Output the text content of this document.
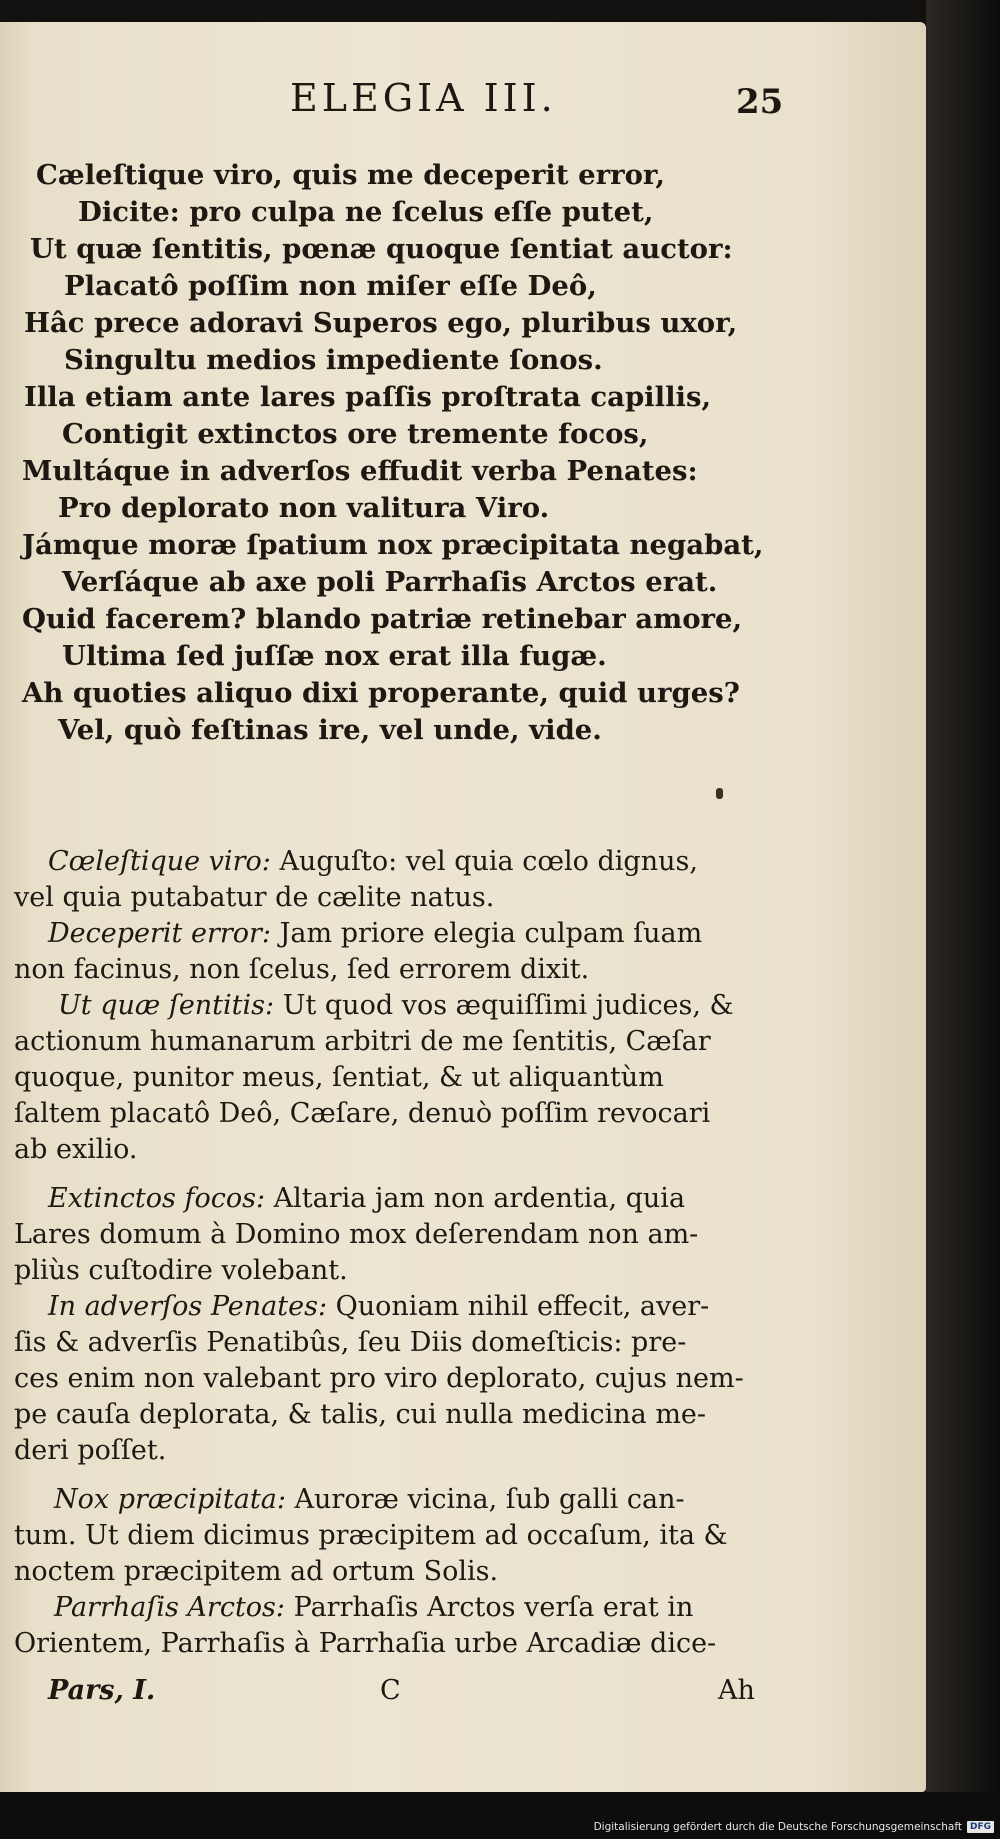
ELEGIA III.	25
Cæleſtique viro, quis me deceperit error,
Dicite: pro culpa ne ſcelus eſſe putet,
Ut quæ ſentitis, pœnæ quoque ſentiat auctor:
Placatô poſſim non miſer eſſe Deô,
Hâc prece adoravi Superos ego, pluribus uxor,
Singultu medios impediente ſonos.
Illa etiam ante lares paſſis proſtrata capillis,
Contigit extinctos ore tremente focos,
Multáque in adverſos effudit verba Penates:
Pro deplorato non valitura Viro.
Jámque moræ ſpatium nox præcipitata negabat,
Verſáque ab axe poli Parrhaſis Arctos erat.
Quid facerem? blando patriæ retinebar amore,
Ultima ſed juſſæ nox erat illa fugæ.
Ah quoties aliquo dixi properante, quid urges?
Vel, quò feſtinas ire, vel unde, vide.
Cœleſtique viro: Auguſto: vel quia cœlo dignus,
vel quia putabatur de cælite natus.
Deceperit error: Jam priore elegia culpam ſuam
non facinus, non ſcelus, ſed errorem dixit.
Ut quæ ſentitis: Ut quod vos æquiſſimi judices, &
actionum humanarum arbitri de me ſentitis, Cæſar
quoque, punitor meus, ſentiat, & ut aliquantùm
ſaltem placatô Deô, Cæſare, denuò poſſim revocari
ab exilio.
Extinctos focos: Altaria jam non ardentia, quia
Lares domum à Domino mox deſerendam non am-
pliùs cuſtodire volebant.
In adverſos Penates: Quoniam nihil effecit, aver-
ſis & adverſis Penatibûs, ſeu Diis domeſticis: pre-
ces enim non valebant pro viro deplorato, cujus nem-
pe cauſa deplorata, & talis, cui nulla medicina me-
deri poſſet.
Nox præcipitata: Auroræ vicina, ſub galli can-
tum. Ut diem dicimus præcipitem ad occaſum, ita &
noctem præcipitem ad ortum Solis.
Parrhaſis Arctos: Parrhaſis Arctos verſa erat in
Orientem, Parrhaſis à Parrhaſia urbe Arcadiæ dice-
Pars, I.	C	Ah
Digitalisierung gefördert durch die Deutsche Forschungsgemeinschaft DFG
